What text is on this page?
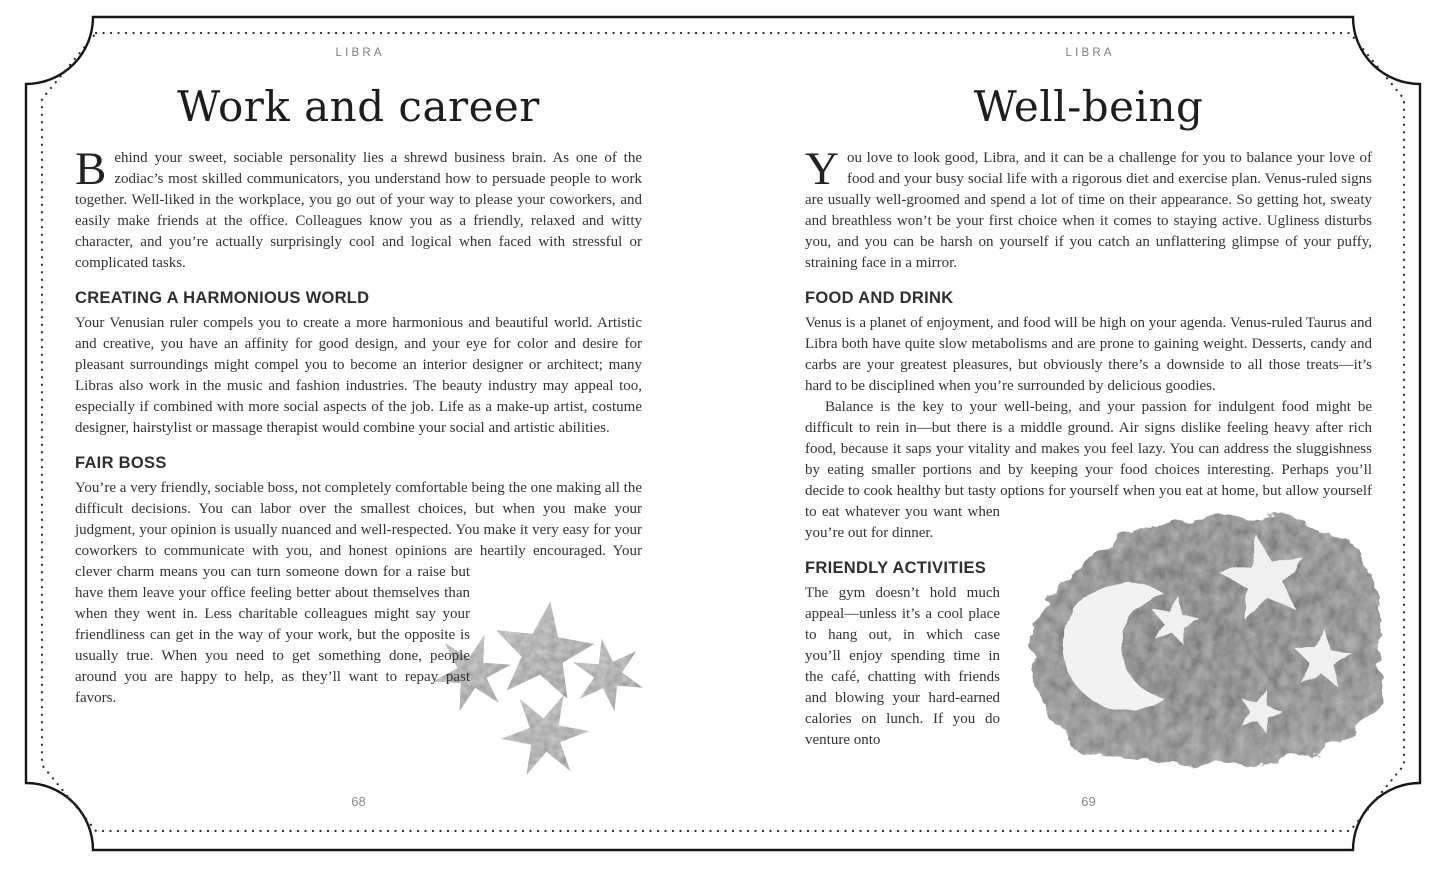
LIBRA
Work and career

Behind your sweet, sociable personality lies a shrewd business brain. As one of the zodiac’s most skilled communicators, you understand how to persuade people to work together. Well-liked in the workplace, you go out of your way to please your coworkers, and easily make friends at the office. Colleagues know you as a friendly, relaxed and witty character, and you’re actually surprisingly cool and logical when faced with stressful or complicated tasks.

CREATING A HARMONIOUS WORLD

Your Venusian ruler compels you to create a more harmonious and beautiful world. Artistic and creative, you have an affinity for good design, and your eye for color and desire for pleasant surroundings might compel you to become an interior designer or architect; many Libras also work in the music and fashion industries. The beauty industry may appeal too, especially if combined with more social aspects of the job. Life as a make-up artist, costume designer, hairstylist or massage therapist would combine your social and artistic abilities.

FAIR BOSS

You’re a very friendly, sociable boss, not completely comfortable being the one making all the difficult decisions. You can labor over the smallest choices, but when you make your judgment, your opinion is usually nuanced and well-respected. You make it very easy for your coworkers to communicate with you, and honest opinions are heartily encouraged. Your clever charm means you can turn someone down for a raise
but have them leave your office feeling better about themselves than when they went in. Less charitable colleagues might say your friendliness can get in the way of your work, but the opposite is usually true. When you need to get something done, people around you are happy to help, as they’ll want to repay past favors.

68
LIBRA
Well-being

You love to look good, Libra, and it can be a challenge for you to balance your love of food and your busy social life with a rigorous diet and exercise plan. Venus-ruled signs are usually well-groomed and spend a lot of time on their appearance. So getting hot, sweaty and breathless won’t be your first choice when it comes to staying active. Ugliness disturbs you, and you can be harsh on yourself if you catch an unflattering glimpse of your puffy, straining face in a mirror.

FOOD AND DRINK

Venus is a planet of enjoyment, and food will be high on your agenda. Venus-ruled Taurus and Libra both have quite slow metabolisms and are prone to gaining weight. Desserts, candy and carbs are your greatest pleasures, but obviously there’s a downside to all those treats—it’s hard to be disciplined when you’re surrounded by delicious goodies.

Balance is the key to your well-being, and your passion for indulgent food might be difficult to rein in—but there is a middle ground. Air signs dislike feeling heavy after rich food, because it saps your vitality and makes you feel lazy. You can address the sluggishness by eating smaller portions and by keeping your food choices interesting. Perhaps you’ll decide to cook healthy but tasty options for yourself when you eat at home, but
allow yourself to eat whatever you want when you’re out for dinner.

FRIENDLY ACTIVITIES

The gym doesn’t hold much appeal—unless it’s a cool place to hang out, in which case you’ll enjoy spending time in the café, chatting with friends and blowing your hard-earned calories on lunch. If you do venture onto

69
